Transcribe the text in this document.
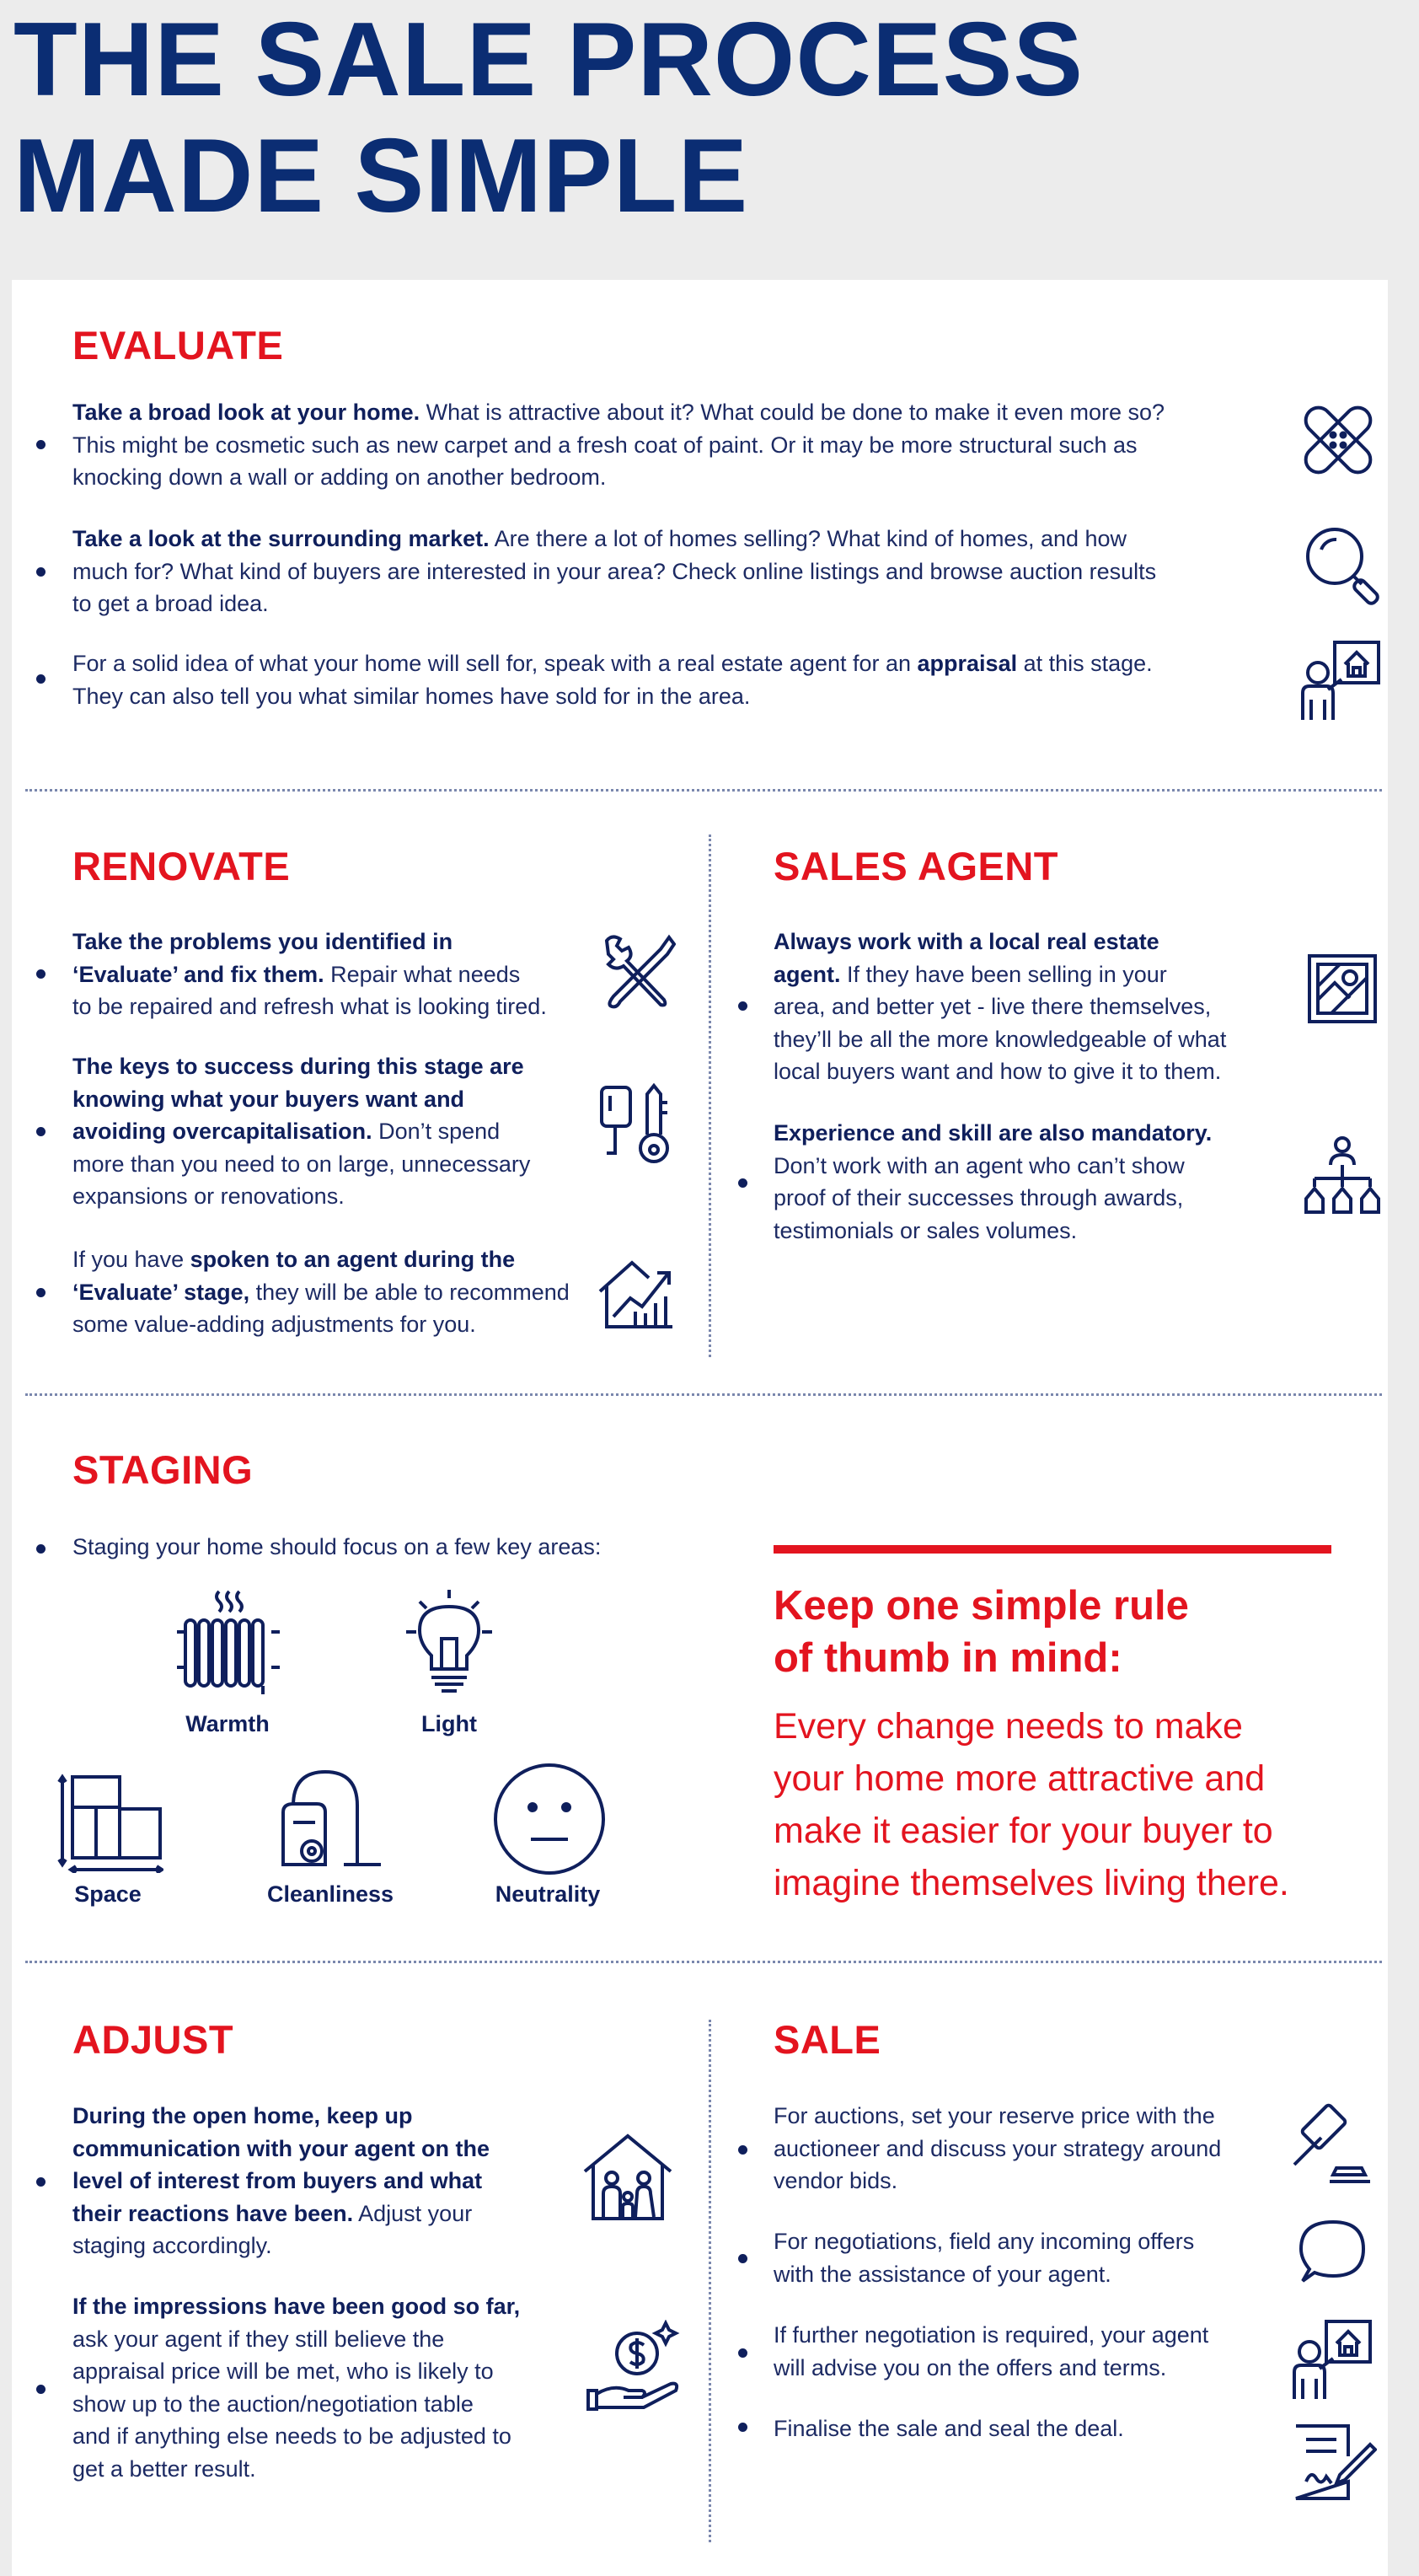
THE SALE PROCESS
MADE SIMPLE
EVALUATE
Take a broad look at your home. What is attractive about it? What could be done to make it even more so?
This might be cosmetic such as new carpet and a fresh coat of paint. Or it may be more structural such as
knocking down a wall or adding on another bedroom.
Take a look at the surrounding market. Are there a lot of homes selling? What kind of homes, and how
much for? What kind of buyers are interested in your area? Check online listings and browse auction results
to get a broad idea.
For a solid idea of what your home will sell for, speak with a real estate agent for an appraisal at this stage.
They can also tell you what similar homes have sold for in the area.
RENOVATE
Take the problems you identified in
‘Evaluate’ and fix them. Repair what needs
to be repaired and refresh what is looking tired.
The keys to success during this stage are
knowing what your buyers want and
avoiding overcapitalisation. Don’t spend
more than you need to on large, unnecessary
expansions or renovations.
If you have spoken to an agent during the
‘Evaluate’ stage, they will be able to recommend
some value-adding adjustments for you.
SALES AGENT
Always work with a local real estate
agent. If they have been selling in your
area, and better yet - live there themselves,
they’ll be all the more knowledgeable of what
local buyers want and how to give it to them.
Experience and skill are also mandatory.
Don’t work with an agent who can’t show
proof of their successes through awards,
testimonials or sales volumes.
STAGING
Staging your home should focus on a few key areas:
Warmth	Light
Space	Cleanliness	Neutrality
Keep one simple rule
of thumb in mind:
Every change needs to make
your home more attractive and
make it easier for your buyer to
imagine themselves living there.
ADJUST
During the open home, keep up
communication with your agent on the
level of interest from buyers and what
their reactions have been. Adjust your
staging accordingly.
If the impressions have been good so far,
ask your agent if they still believe the
appraisal price will be met, who is likely to
show up to the auction/negotiation table
and if anything else needs to be adjusted to
get a better result.
SALE
For auctions, set your reserve price with the
auctioneer and discuss your strategy around
vendor bids.
For negotiations, field any incoming offers
with the assistance of your agent.
If further negotiation is required, your agent
will advise you on the offers and terms.
Finalise the sale and seal the deal.
